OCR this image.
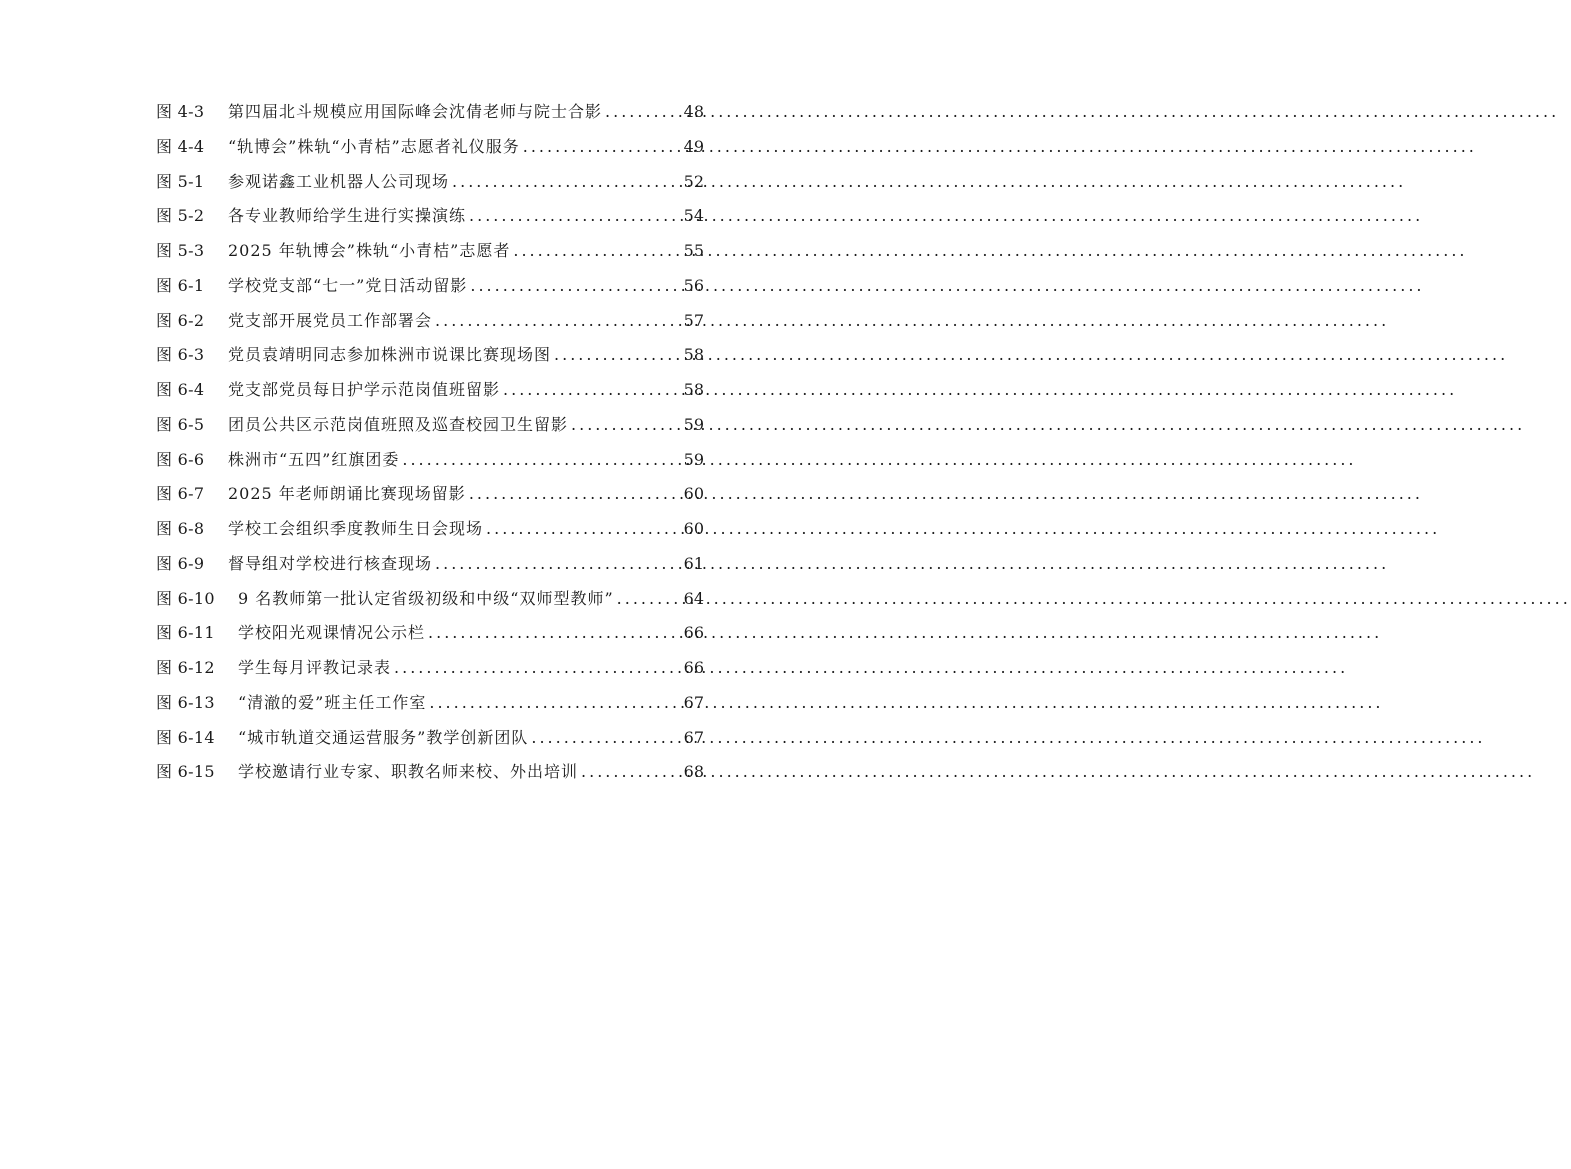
图 4-3	第四届北斗规模应用国际峰会沈倩老师与院士合影 .....	48
图 4-4	“轨博会”株轨“小青桔”志愿者礼仪服务 .....	49
图 5-1	参观诺鑫工业机器人公司现场 .....	52
图 5-2	各专业教师给学生进行实操演练 .....	54
图 5-3	2025 年轨博会”株轨“小青桔”志愿者 .....	55
图 6-1	学校党支部“七一”党日活动留影 .....	56
图 6-2	党支部开展党员工作部署会 .....	57
图 6-3	党员袁靖明同志参加株洲市说课比赛现场图 .....	58
图 6-4	党支部党员每日护学示范岗值班留影 .....	58
图 6-5	团员公共区示范岗值班照及巡查校园卫生留影 .....	59
图 6-6	株洲市“五四”红旗团委 .....	59
图 6-7	2025 年老师朗诵比赛现场留影 .....	60
图 6-8	学校工会组织季度教师生日会现场 .....	60
图 6-9	督导组对学校进行核查现场 .....	61
图 6-10	9 名教师第一批认定省级初级和中级“双师型教师” .....	64
图 6-11	学校阳光观课情况公示栏 .....	66
图 6-12	学生每月评教记录表 .....	66
图 6-13	“清澈的爱”班主任工作室 .....	67
图 6-14	“城市轨道交通运营服务”教学创新团队 .....	67
图 6-15	学校邀请行业专家、职教名师来校、外出培训 .....	68
